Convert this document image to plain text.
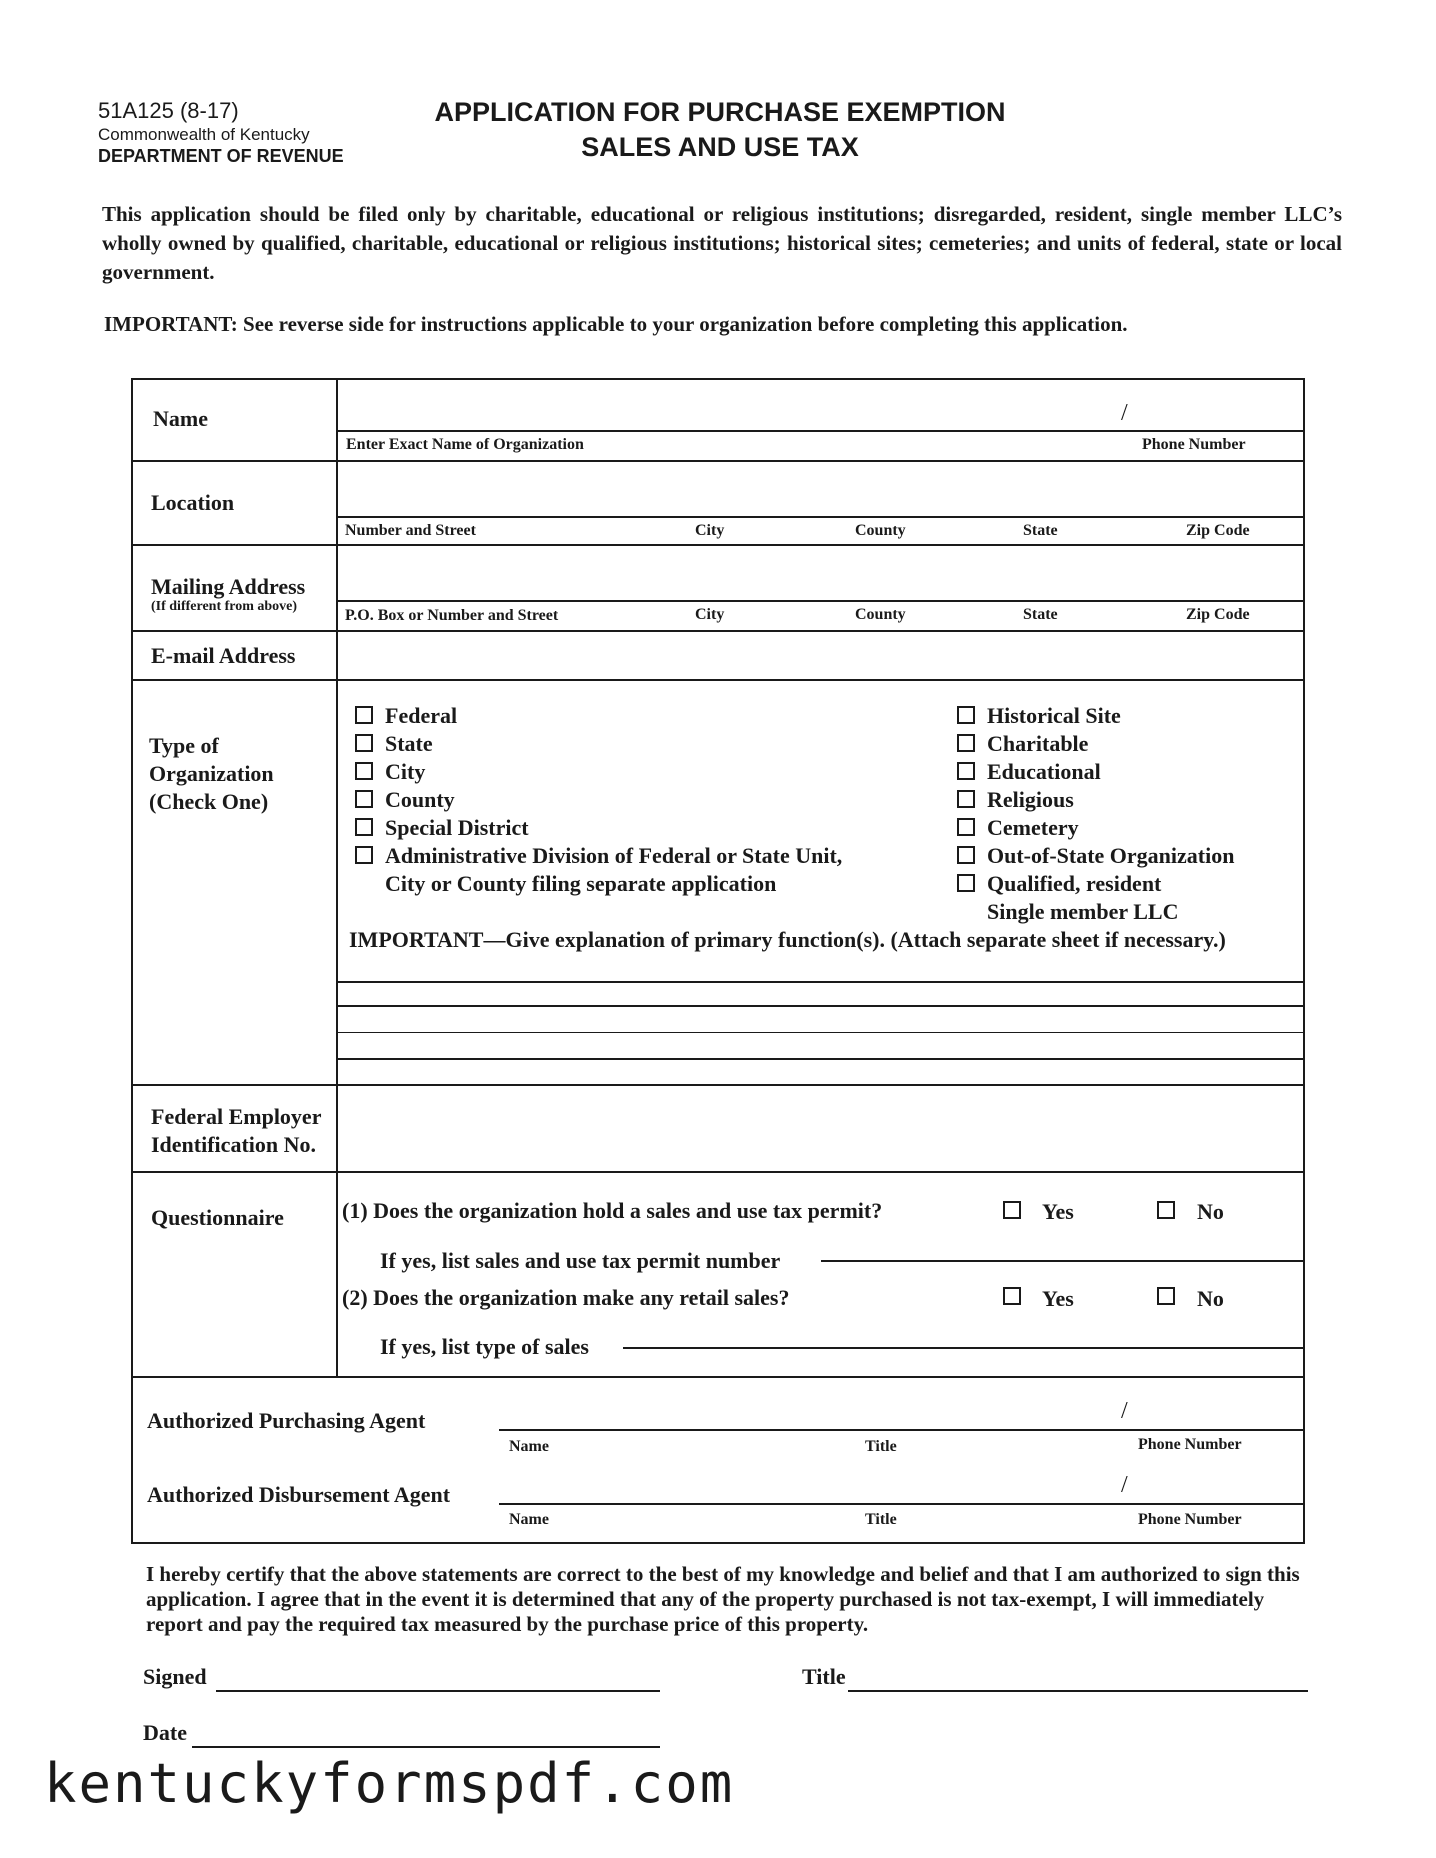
51A125 (8-17)
Commonwealth of Kentucky
DEPARTMENT OF REVENUE
APPLICATION FOR PURCHASE EXEMPTION
SALES AND USE TAX
This application should be filed only by charitable, educational or religious institutions; disregarded, resident, single member LLC’s wholly owned by qualified, charitable, educational or religious institutions; historical sites; cemeteries; and units of federal, state or local government.
IMPORTANT: See reverse side for instructions applicable to your organization before completing this application.
Name	/
Enter Exact Name of Organization	Phone Number
Location
Number and Street	City	County	State	Zip Code
Mailing Address
(If different from above)
P.O. Box or Number and Street	City	County	State	Zip Code
E-mail Address
Type of
Organization
(Check One)
Federal
State
City
County
Special District
Administrative Division of Federal or State Unit,
City or County filing separate application
Historical Site
Charitable
Educational
Religious
Cemetery
Out-of-State Organization
Qualified, resident
Single member LLC
IMPORTANT—Give explanation of primary function(s). (Attach separate sheet if necessary.)
Federal Employer
Identification No.
Questionnaire	(1) Does the organization hold a sales and use tax permit?	Yes	No
If yes, list sales and use tax permit number
(2) Does the organization make any retail sales?	Yes	No
If yes, list type of sales
Authorized Purchasing Agent	/
Name	Title	Phone Number
Authorized Disbursement Agent	/
Name	Title	Phone Number
I hereby certify that the above statements are correct to the best of my knowledge and belief and that I am authorized to sign this application. I agree that in the event it is determined that any of the property purchased is not tax-exempt, I will immediately report and pay the required tax measured by the purchase price of this property.
Signed	Title
Date
kentuckyformspdf.com
